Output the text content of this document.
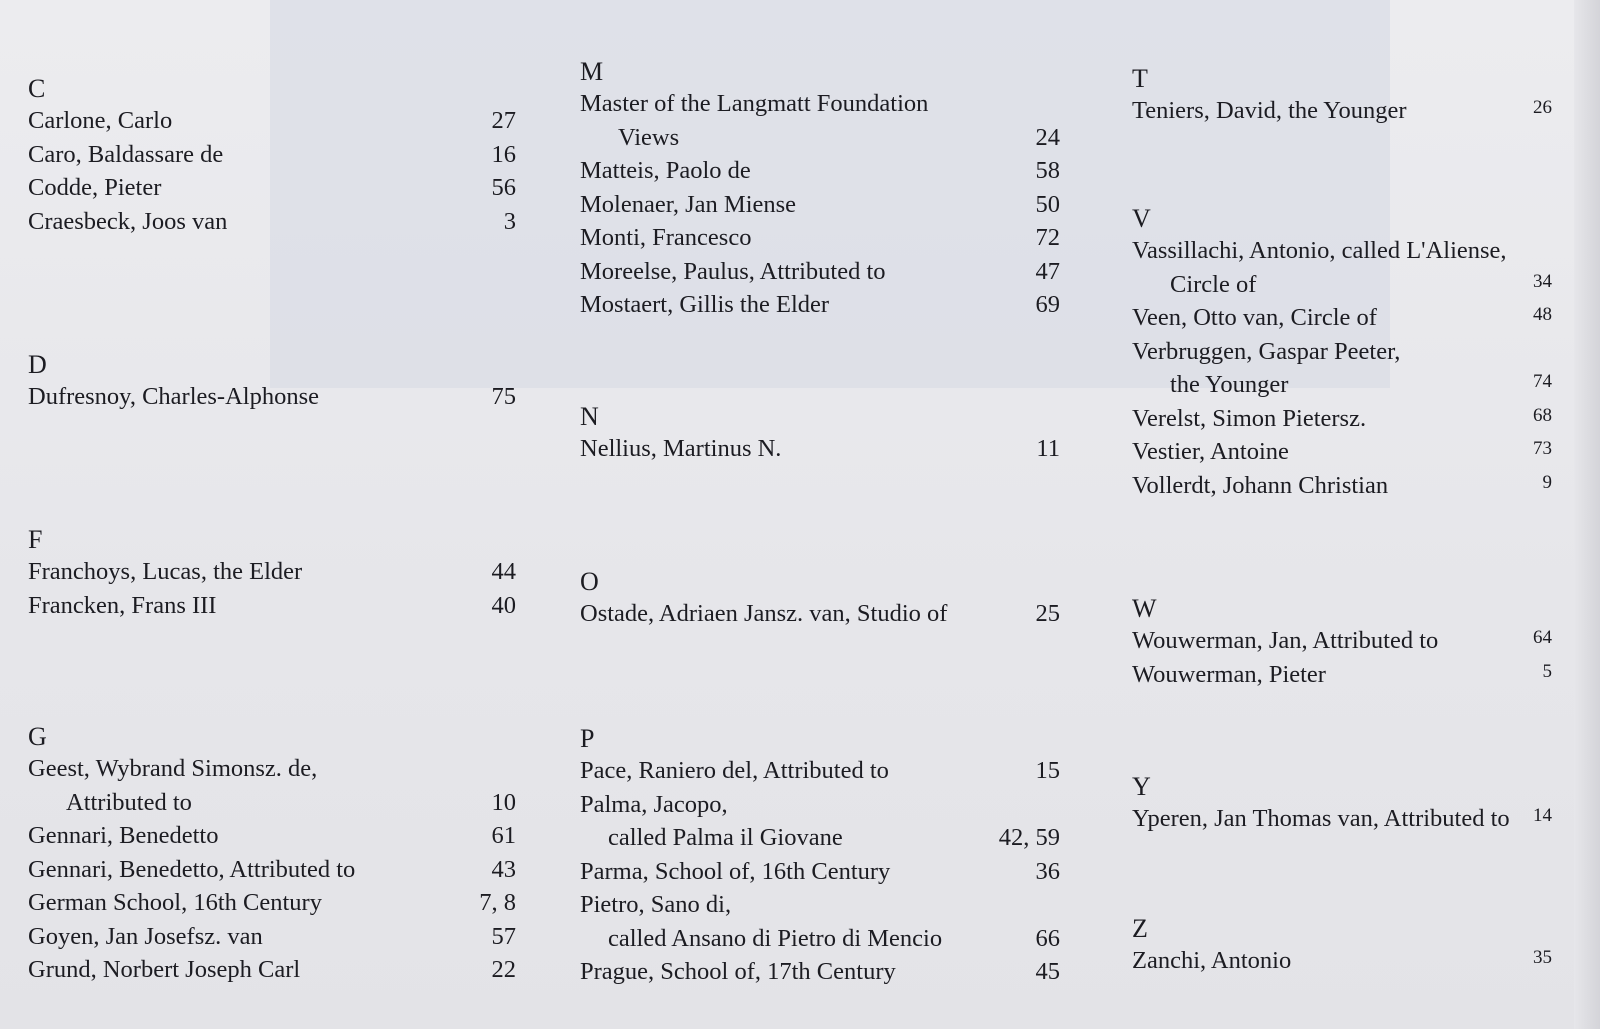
C
Carlone, Carlo	27
Caro, Baldassare de	16
Codde, Pieter	56
Craesbeck, Joos van	3
D
Dufresnoy, Charles-Alphonse	75
F
Franchoys, Lucas, the Elder	44
Francken, Frans III	40
G
Geest, Wybrand Simonsz. de,
Attributed to	10
Gennari, Benedetto	61
Gennari, Benedetto, Attributed to	43
German School, 16th Century	7, 8
Goyen, Jan Josefsz. van	57
Grund, Norbert Joseph Carl	22
M
Master of the Langmatt Foundation
Views	24
Matteis, Paolo de	58
Molenaer, Jan Miense	50
Monti, Francesco	72
Moreelse, Paulus, Attributed to	47
Mostaert, Gillis the Elder	69
N
Nellius, Martinus N.	11
O
Ostade, Adriaen Jansz. van, Studio of	25
P
Pace, Raniero del, Attributed to	15
Palma, Jacopo,
called Palma il Giovane	42, 59
Parma, School of, 16th Century	36
Pietro, Sano di,
called Ansano di Pietro di Mencio	66
Prague, School of, 17th Century	45
T
Teniers, David, the Younger	26
V
Vassillachi, Antonio, called L'Aliense,
Circle of	34
Veen, Otto van, Circle of	48
Verbruggen, Gaspar Peeter,
the Younger	74
Verelst, Simon Pietersz.	68
Vestier, Antoine	73
Vollerdt, Johann Christian	9
W
Wouwerman, Jan, Attributed to	64
Wouwerman, Pieter	5
Y
Yperen, Jan Thomas van, Attributed to 14
Z
Zanchi, Antonio	35
